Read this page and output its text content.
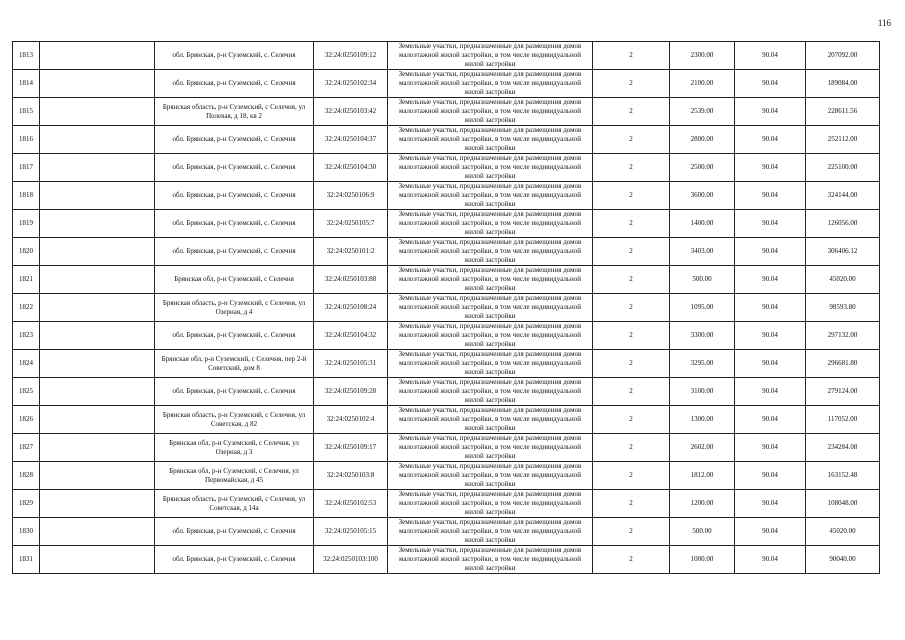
116
1813		обл. Брянская, р-н Суземский, с. Селечня	32:24:0250109:12	Земельные участки, предназначенные для размещения домов малоэтажной жилой застройки, в том числе индивидуальной жилой застройки	2	2300.00	90.04	207092.00
1814		обл. Брянская, р-н Суземский, с. Селечня	32:24:0250102:34	Земельные участки, предназначенные для размещения домов малоэтажной жилой застройки, в том числе индивидуальной жилой застройки	2	2100.00	90.04	189084.00
1815		Брянская область, р-н Суземский, с Селечня, ул Полевая, д 18, кв 2	32:24:0250103:42	Земельные участки, предназначенные для размещения домов малоэтажной жилой застройки, в том числе индивидуальной жилой застройки	2	2539.00	90.04	228611.56
1816		обл. Брянская, р-н Суземский, с. Селечня	32:24:0250104:37	Земельные участки, предназначенные для размещения домов малоэтажной жилой застройки, в том числе индивидуальной жилой застройки	2	2800.00	90.04	252112.00
1817		обл. Брянская, р-н Суземский, с. Селечня	32:24:0250104:30	Земельные участки, предназначенные для размещения домов малоэтажной жилой застройки, в том числе индивидуальной жилой застройки	2	2500.00	90.04	225100.00
1818		обл. Брянская, р-н Суземский, с. Селечня	32:24:0250106:9	Земельные участки, предназначенные для размещения домов малоэтажной жилой застройки, в том числе индивидуальной жилой застройки	2	3600.00	90.04	324144.00
1819		обл. Брянская, р-н Суземский, с. Селечня	32:24:0250105:7	Земельные участки, предназначенные для размещения домов малоэтажной жилой застройки, в том числе индивидуальной жилой застройки	2	1400.00	90.04	126056.00
1820		обл. Брянская, р-н Суземский, с. Селечня	32:24:0250101:2	Земельные участки, предназначенные для размещения домов малоэтажной жилой застройки, в том числе индивидуальной жилой застройки	2	3403.00	90.04	306406.12
1821		Брянская обл, р-н Суземский, с Селечня	32:24:0250103:88	Земельные участки, предназначенные для размещения домов малоэтажной жилой застройки, в том числе индивидуальной жилой застройки	2	500.00	90.04	45020.00
1822		Брянская область, р-н Суземский, с Селечня, ул Озерная, д 4	32:24:0250108:24	Земельные участки, предназначенные для размещения домов малоэтажной жилой застройки, в том числе индивидуальной жилой застройки	2	1095.00	90.04	98593.80
1823		обл. Брянская, р-н Суземский, с. Селечня	32:24:0250104:32	Земельные участки, предназначенные для размещения домов малоэтажной жилой застройки, в том числе индивидуальной жилой застройки	2	3300.00	90.04	297132.00
1824		Брянская обл, р-н Суземский, с Селечня, пер 2-й Советский, дом 8	32:24:0250105:31	Земельные участки, предназначенные для размещения домов малоэтажной жилой застройки, в том числе индивидуальной жилой застройки	2	3295.00	90.04	296681.80
1825		обл. Брянская, р-н Суземский, с. Селечня	32:24:0250109:28	Земельные участки, предназначенные для размещения домов малоэтажной жилой застройки, в том числе индивидуальной жилой застройки	2	3100.00	90.04	279124.00
1826		Брянская область, р-н Суземский, с Селечня, ул Советская, д 82	32:24:0250102:4	Земельные участки, предназначенные для размещения домов малоэтажной жилой застройки, в том числе индивидуальной жилой застройки	2	1300.00	90.04	117052.00
1827		Брянская обл, р-н Суземский, с Селечня, ул Озерная, д 3	32:24:0250109:17	Земельные участки, предназначенные для размещения домов малоэтажной жилой застройки, в том числе индивидуальной жилой застройки	2	2602.00	90.04	234284.08
1828		Брянская обл, р-н Суземский, с Селечня, ул Первомайская, д 45	32:24:0250103:8	Земельные участки, предназначенные для размещения домов малоэтажной жилой застройки, в том числе индивидуальной жилой застройки	2	1812.00	90.04	163152.48
1829		Брянская область, р-н Суземский, с Селечня, ул Советская, д 14а	32:24:0250102:53	Земельные участки, предназначенные для размещения домов малоэтажной жилой застройки, в том числе индивидуальной жилой застройки	2	1200.00	90.04	108048.00
1830		обл. Брянская, р-н Суземский, с. Селечня	32:24:0250105:15	Земельные участки, предназначенные для размещения домов малоэтажной жилой застройки, в том числе индивидуальной жилой застройки	2	500.00	90.04	45020.00
1831		обл. Брянская, р-н Суземский, с. Селечня	32:24:0250103:100	Земельные участки, предназначенные для размещения домов малоэтажной жилой застройки, в том числе индивидуальной жилой застройки	2	1000.00	90.04	90040.00
